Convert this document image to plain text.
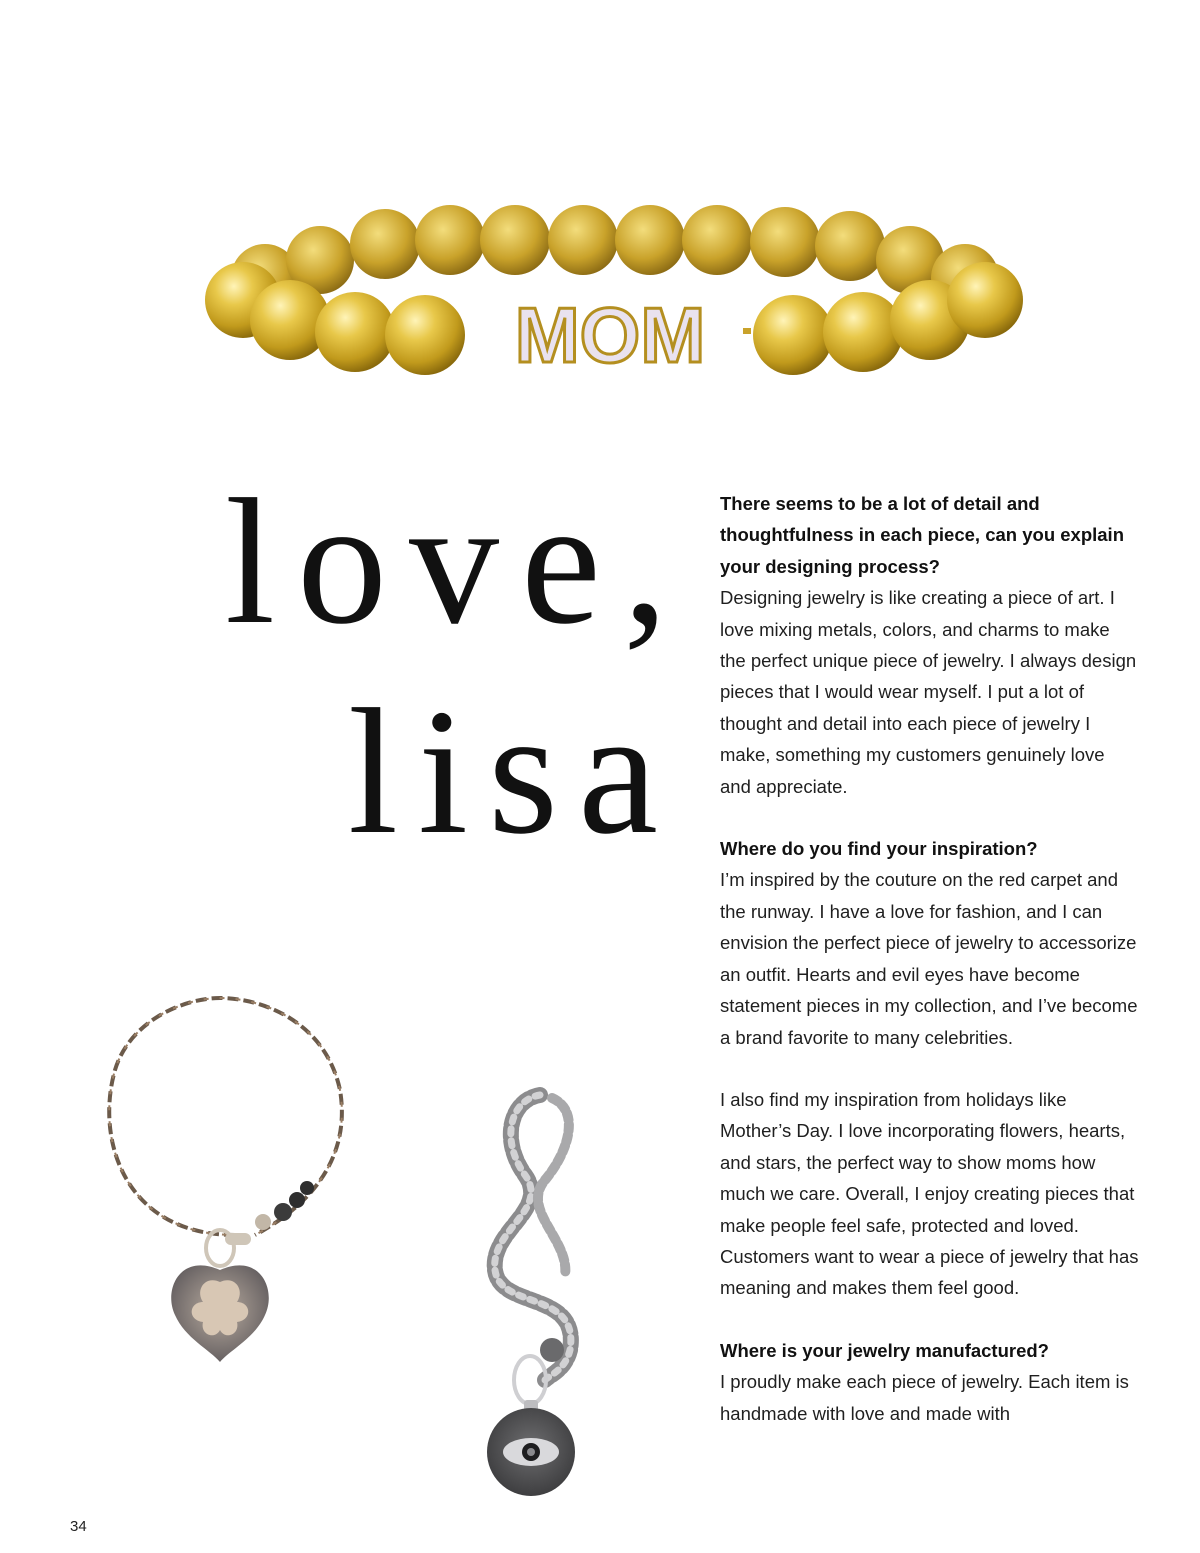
MOM
love,
lisa

There seems to be a lot of detail and thoughtfulness in each piece, can you explain your designing process?

Designing jewelry is like creating a piece of art. I love mixing metals, colors, and charms to make the perfect unique piece of jewelry. I always design pieces that I would wear myself. I put a lot of thought and detail into each piece of jewelry I make, something my customers genuinely love and appreciate.

Where do you find your inspiration?

I’m inspired by the couture on the red carpet and the runway. I have a love for fashion, and I can envision the perfect piece of jewelry to accessorize an outfit. Hearts and evil eyes have become statement pieces in my collection, and I’ve become a brand favorite to many celebrities.

I also find my inspiration from holidays like Mother’s Day. I love incorporating flowers, hearts, and stars, the perfect way to show moms how much we care. Overall, I enjoy creating pieces that make people feel safe, protected and loved. Customers want to wear a piece of jewelry that has meaning and makes them feel good.

Where is your jewelry manufactured?

I proudly make each piece of jewelry. Each item is handmade with love and made with

34
